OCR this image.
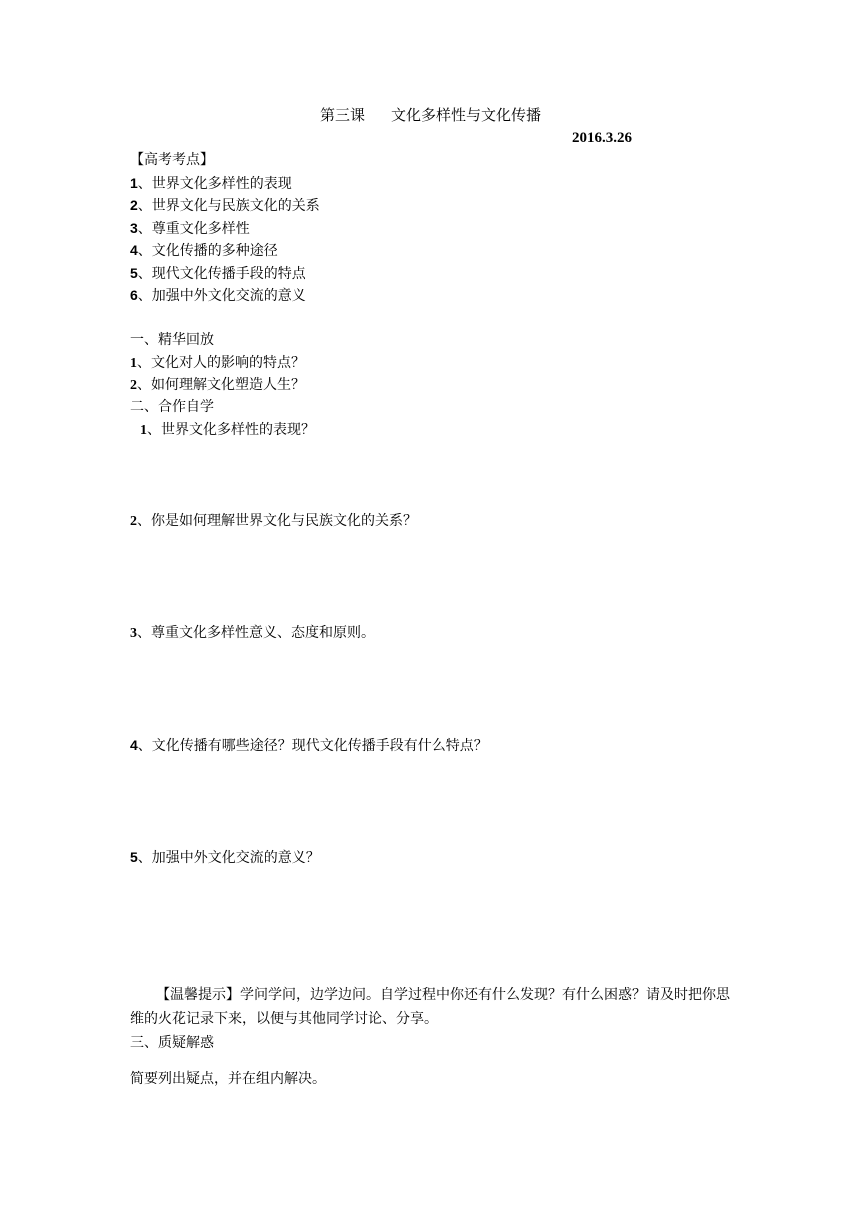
第三课 文化多样性与文化传播
2016.3.26
【高考考点】
1、世界文化多样性的表现
2、世界文化与民族文化的关系
3、尊重文化多样性
4、文化传播的多种途径
5、现代文化传播手段的特点
6、加强中外文化交流的意义
一、精华回放
1、文化对人的影响的特点？
2、如何理解文化塑造人生？
二、合作自学
1、世界文化多样性的表现？
2、你是如何理解世界文化与民族文化的关系？
3、尊重文化多样性意义、态度和原则。
4、文化传播有哪些途径？现代文化传播手段有什么特点？
5、加强中外文化交流的意义？
【温馨提示】学问学问，边学边问。自学过程中你还有什么发现？有什么困惑？请及时把你思维的火花记录下来，以便与其他同学讨论、分享。
三、质疑解惑
简要列出疑点，并在组内解决。
